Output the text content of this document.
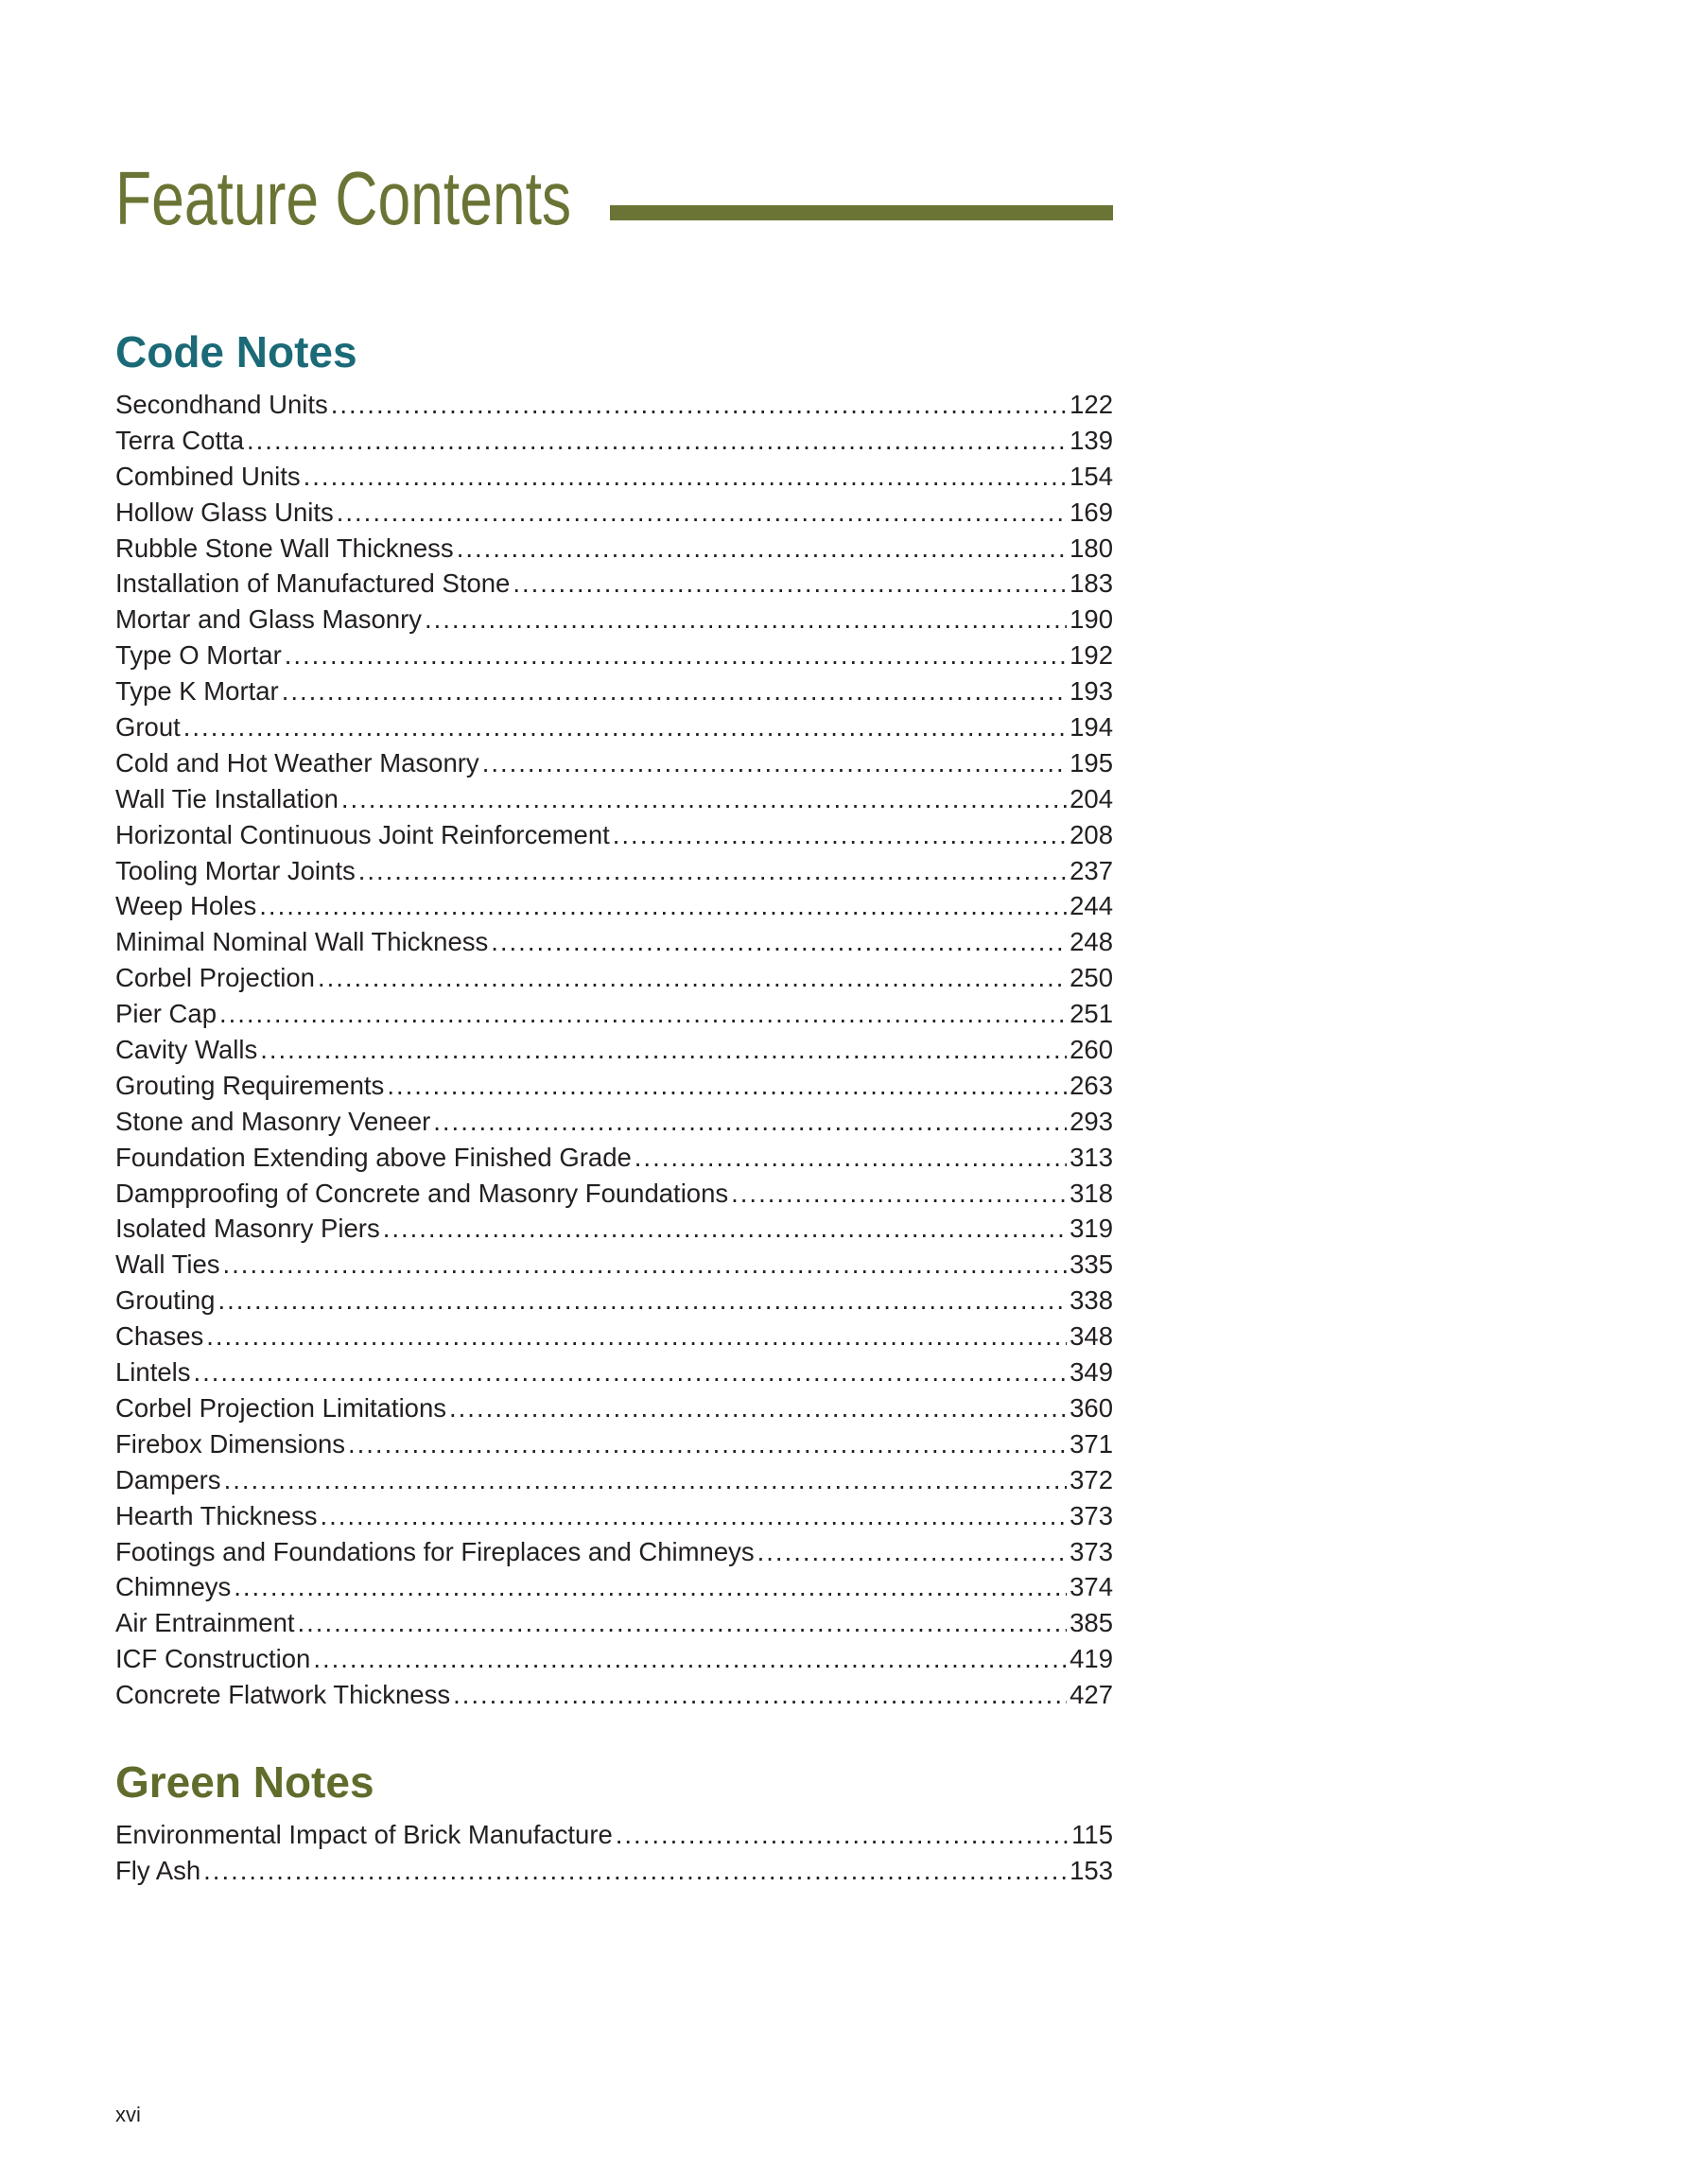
Feature Contents
Code Notes
Secondhand Units .....	122
Terra Cotta .....	139
Combined Units .....	154
Hollow Glass Units .....	169
Rubble Stone Wall Thickness .....	180
Installation of Manufactured Stone .....	183
Mortar and Glass Masonry .....	190
Type O Mortar .....	192
Type K Mortar .....	193
Grout .....	194
Cold and Hot Weather Masonry .....	195
Wall Tie Installation .....	204
Horizontal Continuous Joint Reinforcement .....	208
Tooling Mortar Joints .....	237
Weep Holes .....	244
Minimal Nominal Wall Thickness .....	248
Corbel Projection .....	250
Pier Cap .....	251
Cavity Walls .....	260
Grouting Requirements .....	263
Stone and Masonry Veneer .....	293
Foundation Extending above Finished Grade .....	313
Dampproofing of Concrete and Masonry Foundations .....	318
Isolated Masonry Piers .....	319
Wall Ties .....	335
Grouting .....	338
Chases .....	348
Lintels .....	349
Corbel Projection Limitations .....	360
Firebox Dimensions .....	371
Dampers .....	372
Hearth Thickness .....	373
Footings and Foundations for Fireplaces and Chimneys .....	373
Chimneys .....	374
Air Entrainment .....	385
ICF Construction .....	419
Concrete Flatwork Thickness .....	427
Green Notes
Environmental Impact of Brick Manufacture .....	115
Fly Ash .....	153
xvi
